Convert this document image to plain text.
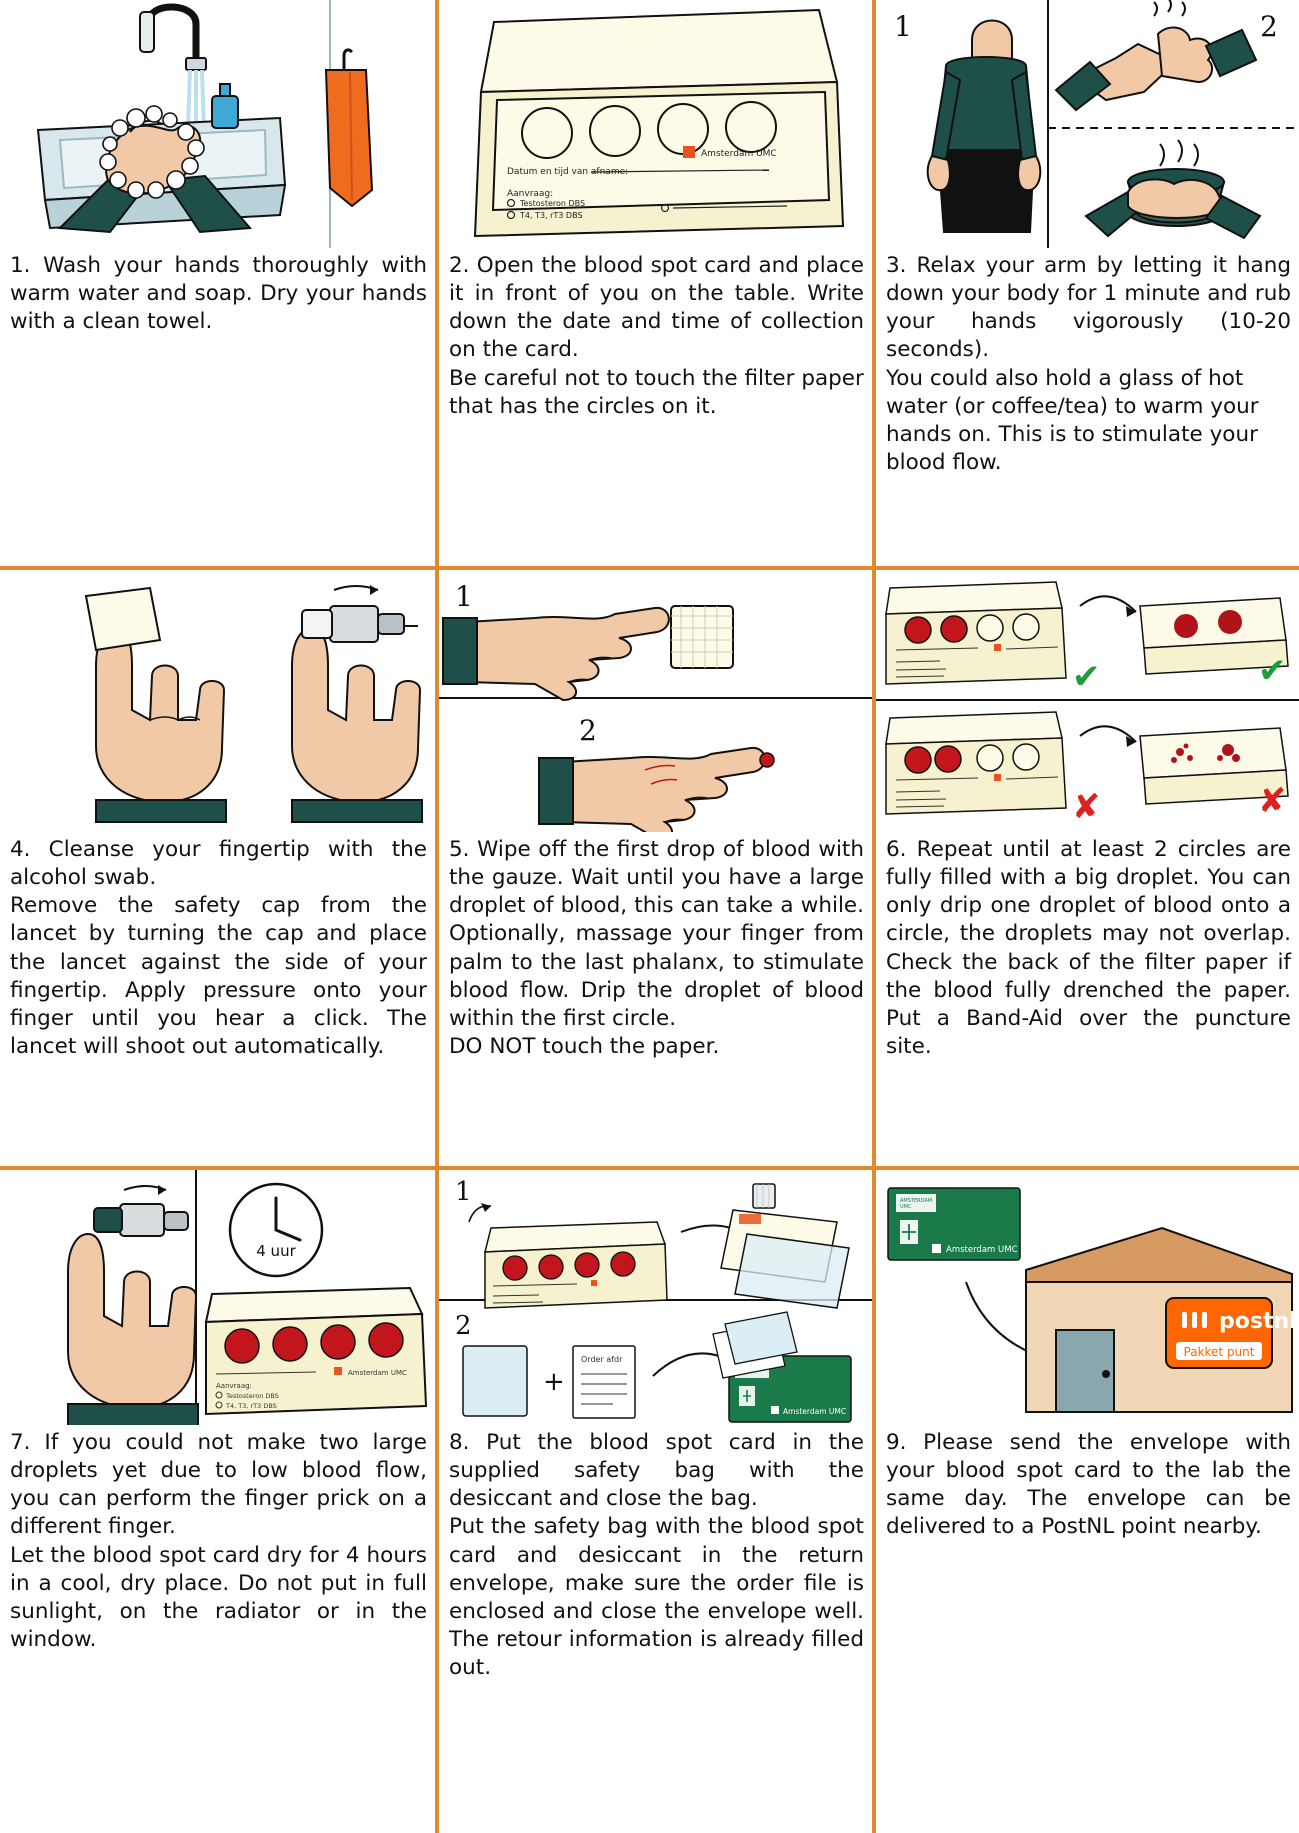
1. Wash your hands thoroughly with warm water and soap. Dry your hands with a clean towel.

Datum en tijd van afname:
Aanvraag:
Testosteron DBS
T4, T3, rT3 DBS
Amsterdam UMC

2. Open the blood spot card and place it in front of you on the table. Write down the date and time of collection on the card.

Be careful not to touch the filter paper that has the circles on it.

1	2

3. Relax your arm by letting it hang down your body for 1 minute and rub your hands vigorously (10-20 seconds).

You could also hold a glass of hot water (or coffee/tea) to warm your hands on. This is to stimulate your blood flow.

4. Cleanse your fingertip with the alcohol swab.

Remove the safety cap from the lancet by turning the cap and place the lancet against the side of your fingertip. Apply pressure onto your finger until you hear a click. The lancet will shoot out automatically.

1
2

5. Wipe off the first drop of blood with the gauze. Wait until you have a large droplet of blood, this can take a while. Optionally, massage your finger from palm to the last phalanx, to stimulate blood flow. Drip the droplet of blood within the first circle.

DO NOT touch the paper.

✔	✔
✘	✘

6. Repeat until at least 2 circles are fully filled with a big droplet. You can only drip one droplet of blood onto a circle, the droplets may not overlap. Check the back of the filter paper if the blood fully drenched the paper. Put a Band-Aid over the puncture site.

4 uur
Amsterdam UMC
Aanvraag:
Testosteron DBS
T4, T3, rT3 DBS

7. If you could not make two large droplets yet due to low blood flow, you can perform the finger prick on a different finger.

Let the blood spot card dry for 4 hours in a cool, dry place. Do not put in full sunlight, on the radiator or in the window.

1
2
+
Order afdr
Amsterdam UMC

8. Put the blood spot card in the supplied safety bag with the desiccant and close the bag.

Put the safety bag with the blood spot card and desiccant in the return envelope, make sure the order file is enclosed and close the envelope well. The retour information is already filled out.

AMSTERDAM
UMC
Amsterdam UMC
postnl
Pakket punt

9. Please send the envelope with your blood spot card to the lab the same day. The envelope can be delivered to a PostNL point nearby.
